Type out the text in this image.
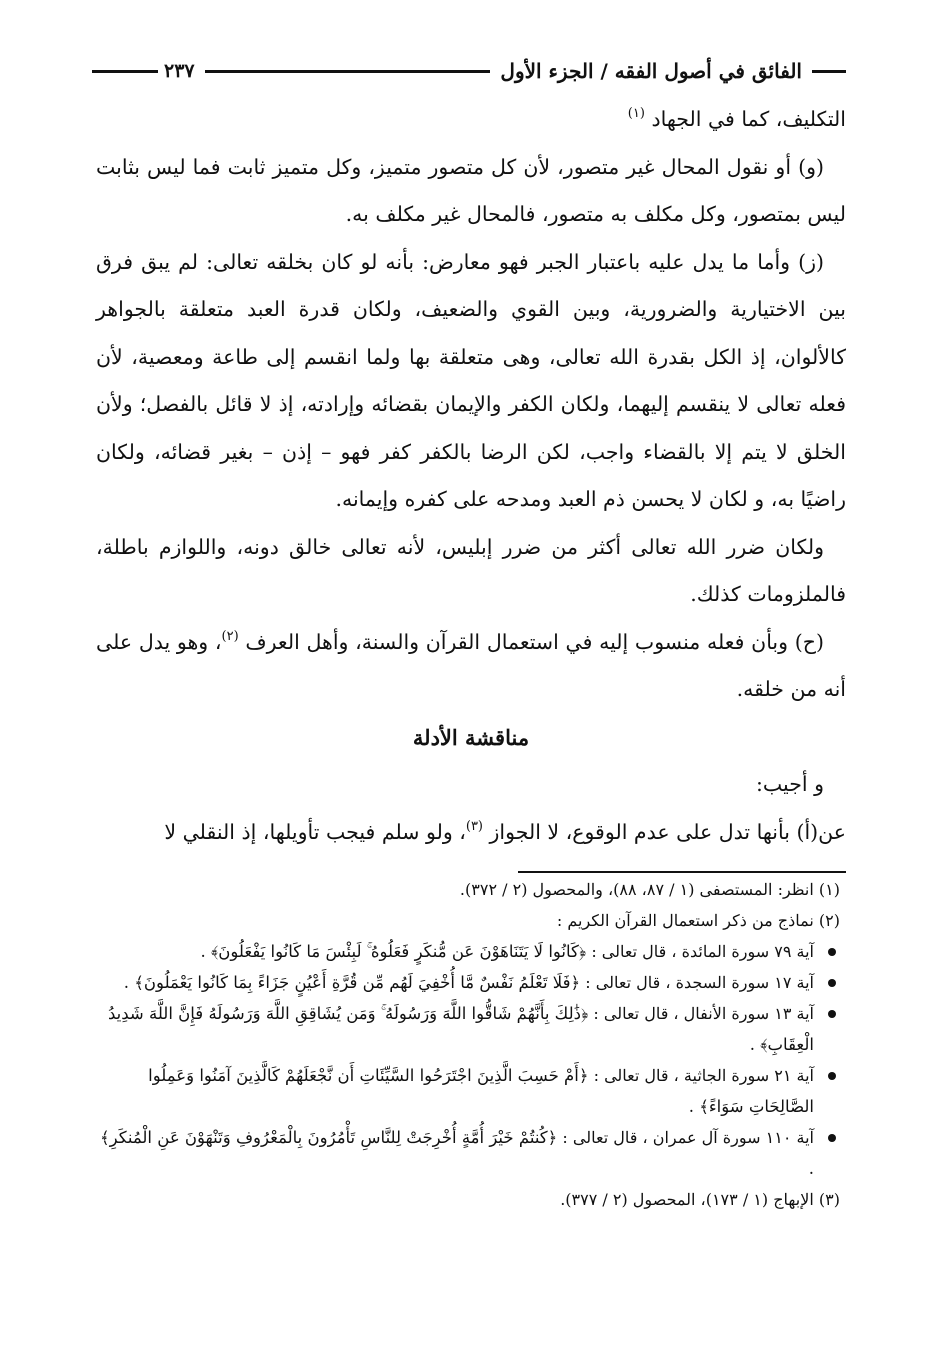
الفائق في أصول الفقه / الجزء الأول
٢٣٧

التكليف، كما في الجهاد $^{(١)}$

(و) أو نقول المحال غير متصور، لأن كل متصور متميز، وكل متميز ثابت فما ليس بثابت ليس بمتصور، وكل مكلف به متصور، فالمحال غير مكلف به.

(ز) وأما ما يدل عليه باعتبار الجبر فهو معارض: بأنه لو كان بخلقه تعالى: لم يبق فرق بين الاختيارية والضرورية، وبين القوي والضعيف، ولكان قدرة العبد متعلقة بالجواهر كالألوان، إذ الكل بقدرة الله تعالى، وهى متعلقة بها ولما انقسم إلى طاعة ومعصية، لأن فعله تعالى لا ينقسم إليهما، ولكان الكفر والإيمان بقضائه وإرادته، إذ لا قائل بالفصل؛ ولأن الخلق لا يتم إلا بالقضاء واجب، لكن الرضا بالكفر كفر فهو – إذن – بغير قضائه، ولكان راضيًا به، و لكان لا يحسن ذم العبد ومدحه على كفره وإيمانه.

ولكان ضرر الله تعالى أكثر من ضرر إبليس، لأنه تعالى خالق دونه، واللوازم باطلة، فالملزومات كذلك.

(ح) وبأن فعله منسوب إليه في استعمال القرآن والسنة، وأهل العرف $^{(٢)}$، وهو يدل على أنه من خلقه.

مناقشة الأدلة

و أجيب:

عن(أ) بأنها تدل على عدم الوقوع، لا الجواز $^{(٣)}$، ولو سلم فيجب تأويلها، إذ النقلي لا

(١) انظر: المستصفى (١ / ٨٧، ٨٨)، والمحصول (٢ / ٣٧٢).

(٢) نماذج من ذكر استعمال القرآن الكريم :

آية ٧٩ سورة المائدة ، قال تعالى : ﴿كَانُوا لَا يَتَنَاهَوْنَ عَن مُّنكَرٍ فَعَلُوهُ ۚ لَبِئْسَ مَا كَانُوا يَفْعَلُونَ﴾ .
آية ١٧ سورة السجدة ، قال تعالى : ﴿فَلَا تَعْلَمُ نَفْسٌ مَّا أُخْفِيَ لَهُم مِّن قُرَّةِ أَعْيُنٍ جَزَاءً بِمَا كَانُوا يَعْمَلُونَ﴾ .
آية ١٣ سورة الأنفال ، قال تعالى : ﴿ذَٰلِكَ بِأَنَّهُمْ شَاقُّوا اللَّهَ وَرَسُولَهُ ۚ وَمَن يُشَاقِقِ اللَّهَ وَرَسُولَهُ فَإِنَّ اللَّهَ شَدِيدُ الْعِقَابِ﴾ .
آية ٢١ سورة الجاثية ، قال تعالى : ﴿أَمْ حَسِبَ الَّذِينَ اجْتَرَحُوا السَّيِّئَاتِ أَن نَّجْعَلَهُمْ كَالَّذِينَ آمَنُوا وَعَمِلُوا الصَّالِحَاتِ سَوَاءً﴾ .
آية ١١٠ سورة آل عمران ، قال تعالى : ﴿كُنتُمْ خَيْرَ أُمَّةٍ أُخْرِجَتْ لِلنَّاسِ تَأْمُرُونَ بِالْمَعْرُوفِ وَتَنْهَوْنَ عَنِ الْمُنكَرِ﴾ .

(٣) الإبهاج (١ / ١٧٣)، المحصول (٢ / ٣٧٧).
